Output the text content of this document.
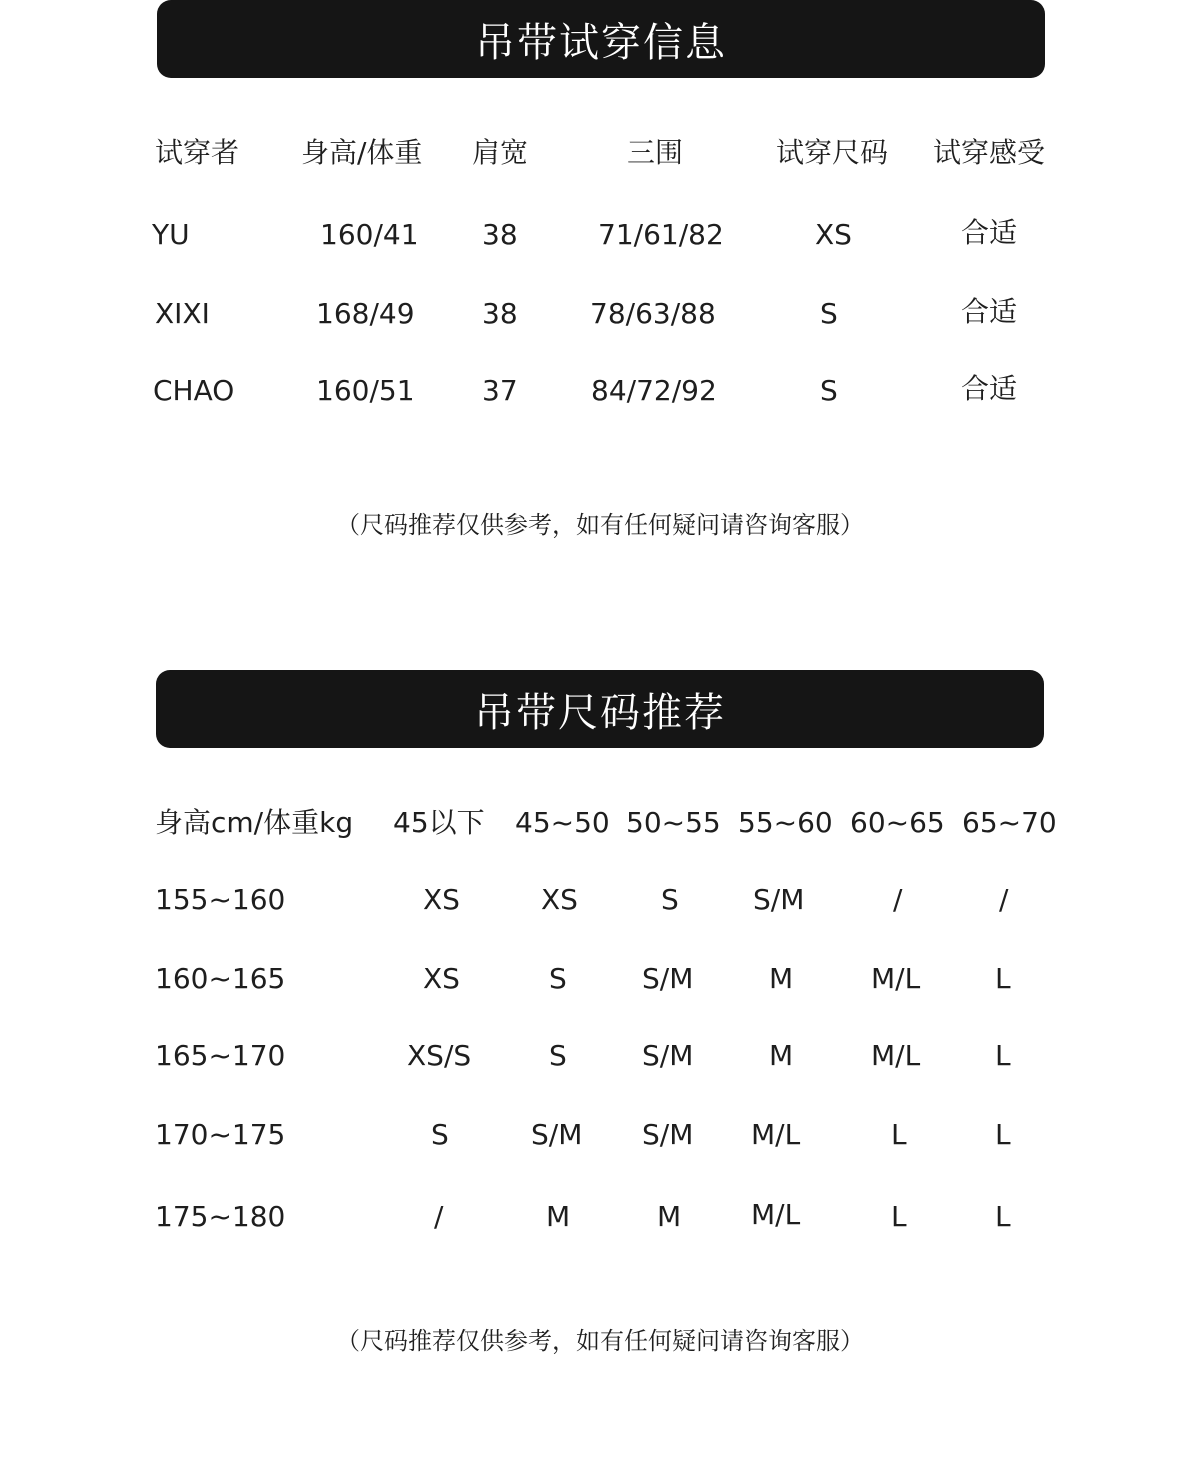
吊带试穿信息
试穿者 身高/体重 肩宽	三围	试穿尺码 试穿感受
YU	160/41 38	71/61/82	XS	合适
XIXI	168/49 38	78/63/88	S	合适
CHAO	160/51 37	84/72/92	S	合适
（尺码推荐仅供参考，如有任何疑问请咨询客服）
吊带尺码推荐
身高cm/体重kg 45以下 45~50 50~55 55~60 60~65 65~70
155~160	XS	XS	S	S/M	/	/
160~165	XS	S	S/M	M	M/L	L
165~170	XS/S	S	S/M	M	M/L	L
170~175	S	S/M S/M M/L	L	L
175~180	/	M	M M/L	L	L
（尺码推荐仅供参考，如有任何疑问请咨询客服）
